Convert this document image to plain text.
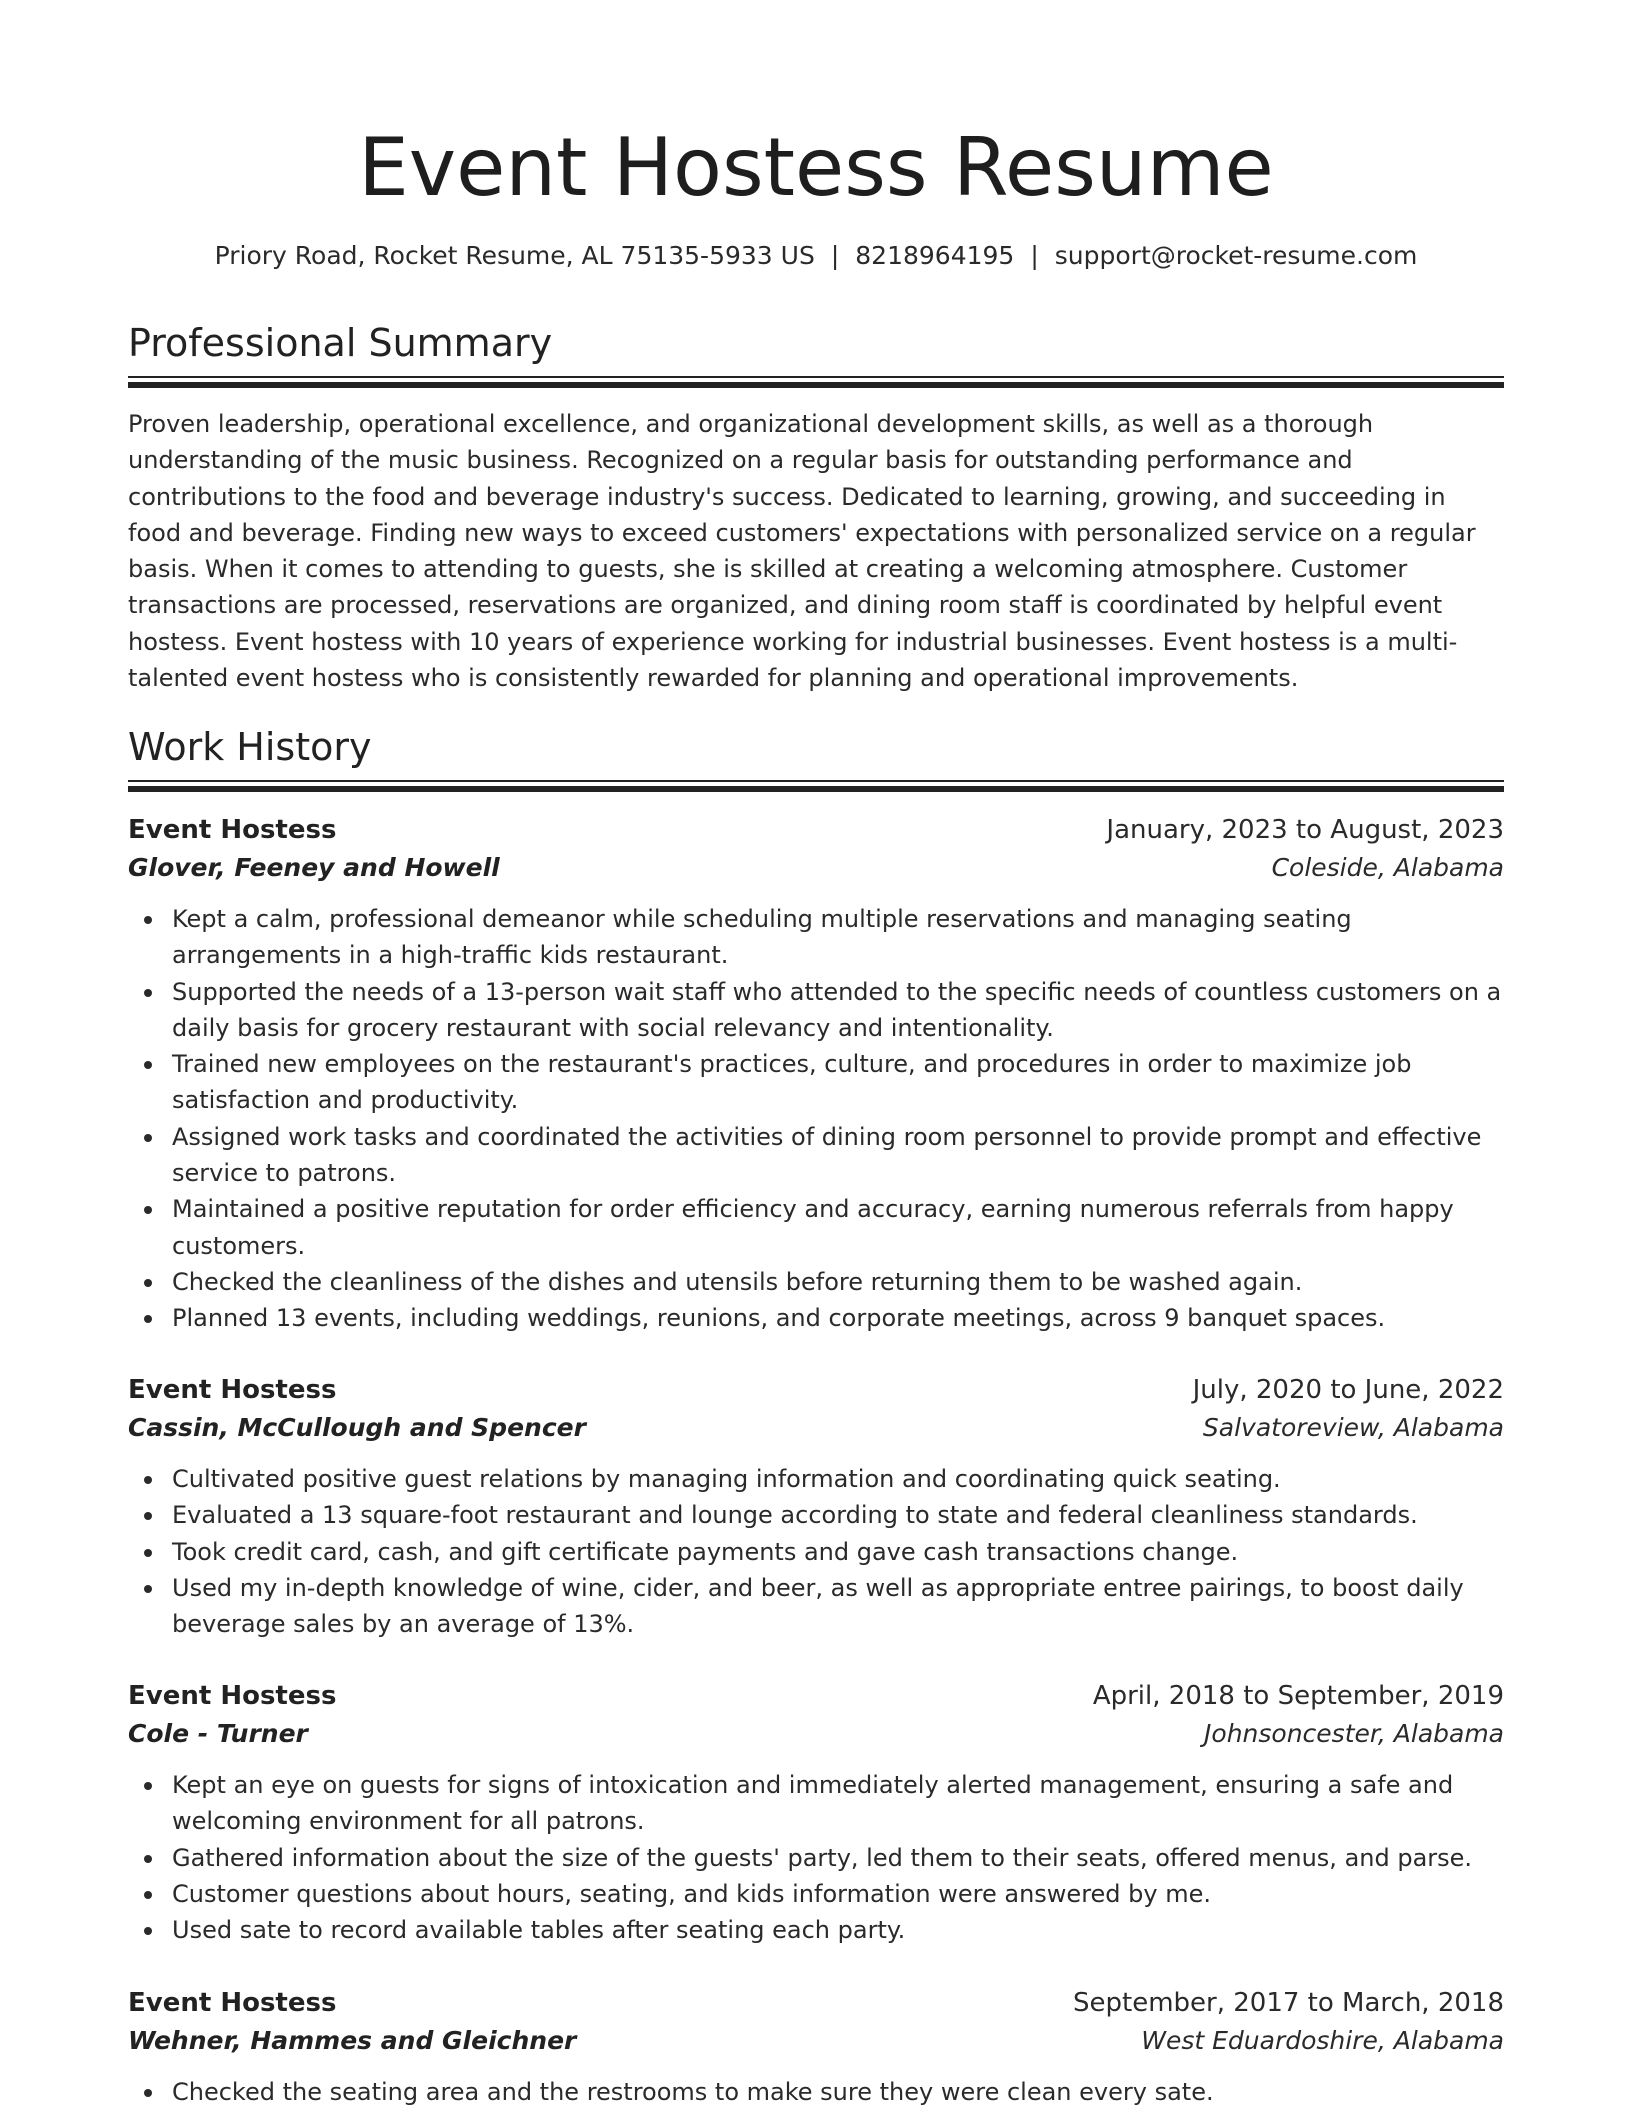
Event Hostess Resume
Priory Road, Rocket Resume, AL 75135-5933 US | 8218964195 | support@rocket-resume.com
Professional Summary

Proven leadership, operational excellence, and organizational development skills, as well as a thorough understanding of the music business. Recognized on a regular basis for outstanding performance and contributions to the food and beverage industry's success. Dedicated to learning, growing, and succeeding in food and beverage. Finding new ways to exceed customers' expectations with personalized service on a regular basis. When it comes to attending to guests, she is skilled at creating a welcoming atmosphere. Customer transactions are processed, reservations are organized, and dining room staff is coordinated by helpful event hostess. Event hostess with 10 years of experience working for industrial businesses. Event hostess is a multi-talented event hostess who is consistently rewarded for planning and operational improvements.

Work History
Event Hostess	January, 2023 to August, 2023
Glover, Feeney and Howell	Coleside, Alabama
Kept a calm, professional demeanor while scheduling multiple reservations and managing seating arrangements in a high-traffic kids restaurant.
Supported the needs of a 13-person wait staff who attended to the specific needs of countless customers on a daily basis for grocery restaurant with social relevancy and intentionality.
Trained new employees on the restaurant's practices, culture, and procedures in order to maximize job satisfaction and productivity.
Assigned work tasks and coordinated the activities of dining room personnel to provide prompt and effective service to patrons.
Maintained a positive reputation for order efficiency and accuracy, earning numerous referrals from happy customers.
Checked the cleanliness of the dishes and utensils before returning them to be washed again.
Planned 13 events, including weddings, reunions, and corporate meetings, across 9 banquet spaces.
Event Hostess	July, 2020 to June, 2022
Cassin, McCullough and Spencer	Salvatoreview, Alabama
Cultivated positive guest relations by managing information and coordinating quick seating.
Evaluated a 13 square-foot restaurant and lounge according to state and federal cleanliness standards.
Took credit card, cash, and gift certificate payments and gave cash transactions change.
Used my in-depth knowledge of wine, cider, and beer, as well as appropriate entree pairings, to boost daily beverage sales by an average of 13%.
Event Hostess	April, 2018 to September, 2019
Cole - Turner	Johnsoncester, Alabama
Kept an eye on guests for signs of intoxication and immediately alerted management, ensuring a safe and welcoming environment for all patrons.
Gathered information about the size of the guests' party, led them to their seats, offered menus, and parse.
Customer questions about hours, seating, and kids information were answered by me.
Used sate to record available tables after seating each party.
Event Hostess	September, 2017 to March, 2018
Wehner, Hammes and Gleichner	West Eduardoshire, Alabama
Checked the seating area and the restrooms to make sure they were clean every sate.
